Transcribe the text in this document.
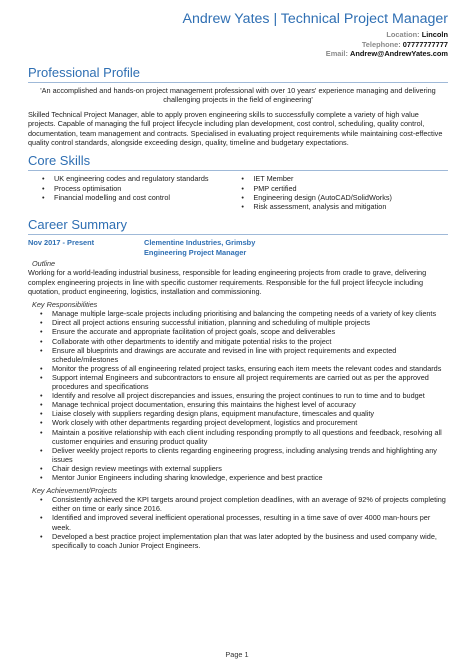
Andrew Yates | Technical Project Manager
Location: Lincoln
Telephone: 07777777777
Email: Andrew@AndrewYates.com
Professional Profile

'An accomplished and hands-on project management professional with over 10 years' experience managing and delivering challenging projects in the field of engineering'

Skilled Technical Project Manager, able to apply proven engineering skills to successfully complete a variety of high value projects. Capable of managing the full project lifecycle including plan development, cost control, scheduling, quality control, documentation, team management and contracts. Specialised in evaluating project requirements while maintaining cost-effective quality control standards, alongside exceeding design, quality, timeline and budgetary expectations.

Core Skills
• UK engineering codes and regulatory standards
• Process optimisation
• Financial modelling and cost control
• IET Member
• PMP certified
• Engineering design (AutoCAD/SolidWorks)
• Risk assessment, analysis and mitigation
Career Summary
Nov 2017 - Present	Clementine Industries, Grimsby
Engineering Project Manager
Outline

Working for a world-leading industrial business, responsible for leading engineering projects from cradle to grave, delivering complex engineering projects in line with specific customer requirements. Responsible for the full project lifecycle including quotation, product engineering, logistics, installation and commissioning.

Key Responsibilities
• Manage multiple large-scale projects including prioritising and balancing the competing needs of a variety of key clients
• Direct all project actions ensuring successful initiation, planning and scheduling of multiple projects
• Ensure the accurate and appropriate facilitation of project goals, scope and deliverables
• Collaborate with other departments to identify and mitigate potential risks to the project
• Ensure all blueprints and drawings are accurate and revised in line with project requirements and expected schedule/milestones
• Monitor the progress of all engineering related project tasks, ensuring each item meets the relevant codes and standards
• Support internal Engineers and subcontractors to ensure all project requirements are carried out as per the approved procedures and specifications
• Identify and resolve all project discrepancies and issues, ensuring the project continues to run to time and to budget
• Manage technical project documentation, ensuring this maintains the highest level of accuracy
• Liaise closely with suppliers regarding design plans, equipment manufacture, timescales and quality
• Work closely with other departments regarding project development, logistics and procurement
• Maintain a positive relationship with each client including responding promptly to all questions and feedback, resolving all customer enquiries and ensuring product quality
• Deliver weekly project reports to clients regarding engineering progress, including analysing trends and highlighting any issues
• Chair design review meetings with external suppliers
• Mentor Junior Engineers including sharing knowledge, experience and best practice
Key Achievement/Projects
• Consistently achieved the KPI targets around project completion deadlines, with an average of 92% of projects completing either on time or early since 2016.
• Identified and improved several inefficient operational processes, resulting in a time save of over 4000 man-hours per week.
• Developed a best practice project implementation plan that was later adopted by the business and used company wide, specifically to coach Junior Project Engineers.
Page 1
